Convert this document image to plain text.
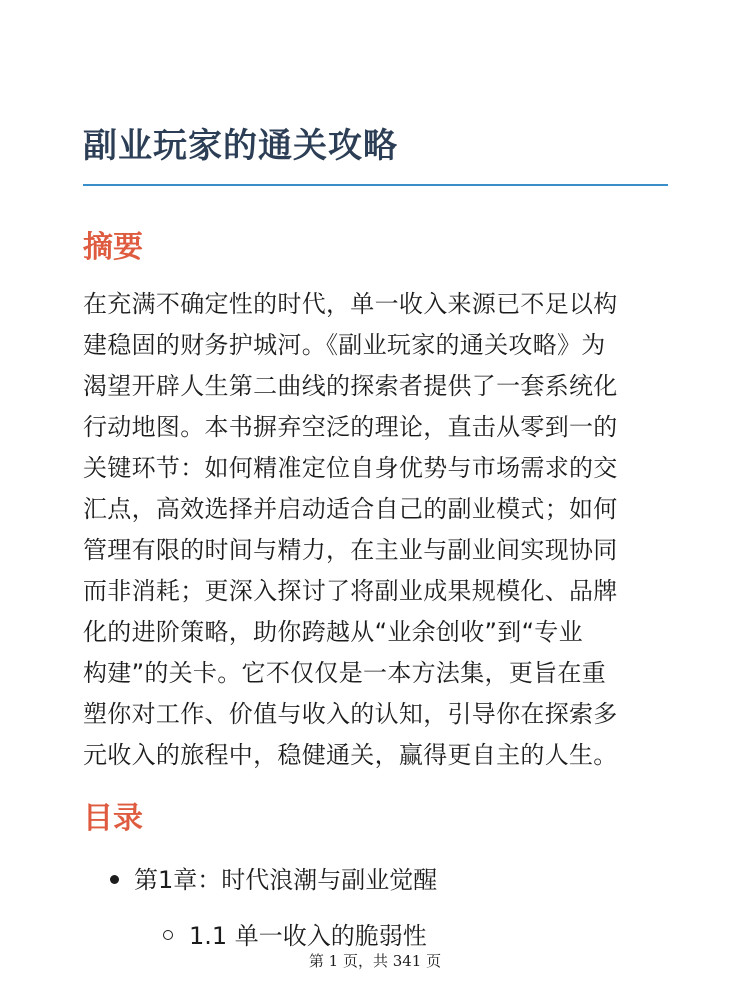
副业玩家的通关攻略
摘要
在充满不确定性的时代，单一收入来源已不足以构
建稳固的财务护城河。《副业玩家的通关攻略》为
渴望开辟人生第二曲线的探索者提供了一套系统化
行动地图。本书摒弃空泛的理论，直击从零到一的
关键环节：如何精准定位自身优势与市场需求的交
汇点，高效选择并启动适合自己的副业模式；如何
管理有限的时间与精力，在主业与副业间实现协同
而非消耗；更深入探讨了将副业成果规模化、品牌
化的进阶策略，助你跨越从“业余创收”到“专业
构建”的关卡。它不仅仅是一本方法集，更旨在重
塑你对工作、价值与收入的认知，引导你在探索多
元收入的旅程中，稳健通关，赢得更自主的人生。
目录
第1章：时代浪潮与副业觉醒
1.1 单一收入的脆弱性
第 1 页，共 341 页
